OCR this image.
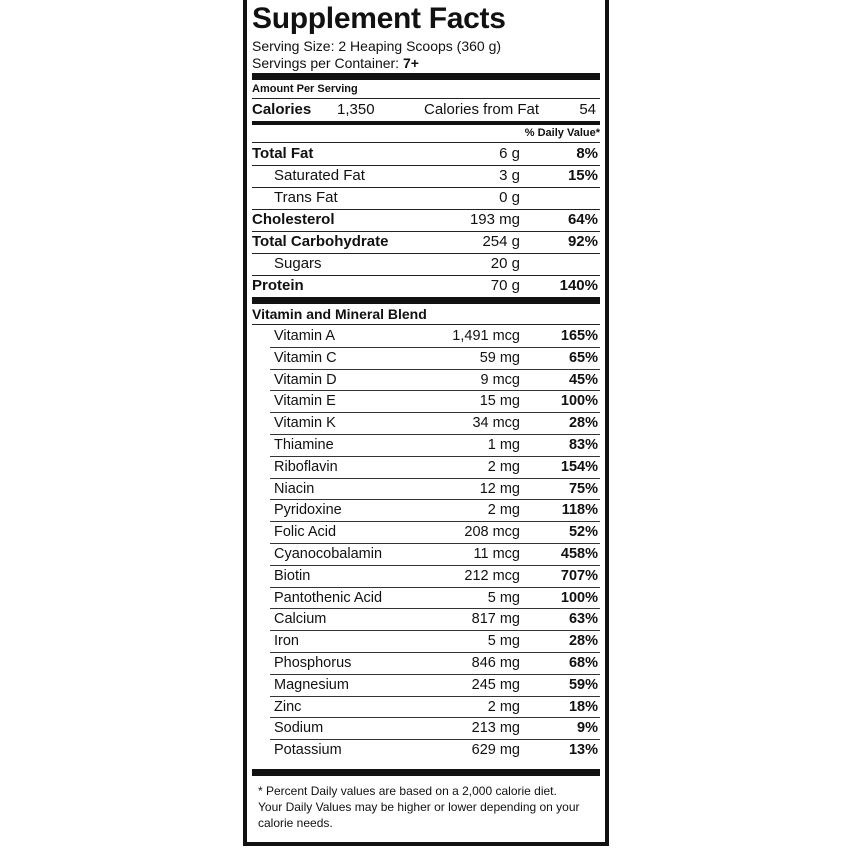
Supplement Facts
Serving Size: 2 Heaping Scoops (360 g)
Servings per Container: 7+
Amount Per Serving
Calories 1,350	Calories from Fat	54
% Daily Value*
Total Fat	6 g	8%
Saturated Fat	3 g	15%
Trans Fat	0 g
Cholesterol	193 mg	64%
Total Carbohydrate	254 g	92%
Sugars	20 g
Protein	70 g	140%
Vitamin and Mineral Blend
Vitamin A	1,491 mcg	165%
Vitamin C	59 mg	65%
Vitamin D	9 mcg	45%
Vitamin E	15 mg	100%
Vitamin K	34 mcg	28%
Thiamine	1 mg	83%
Riboflavin	2 mg	154%
Niacin	12 mg	75%
Pyridoxine	2 mg	118%
Folic Acid	208 mcg	52%
Cyanocobalamin	11 mcg	458%
Biotin	212 mcg	707%
Pantothenic Acid	5 mg	100%
Calcium	817 mg	63%
Iron	5 mg	28%
Phosphorus	846 mg	68%
Magnesium	245 mg	59%
Zinc	2 mg	18%
Sodium	213 mg	9%
Potassium	629 mg	13%
* Percent Daily values are based on a 2,000 calorie diet.
Your Daily Values may be higher or lower depending on your
calorie needs.
